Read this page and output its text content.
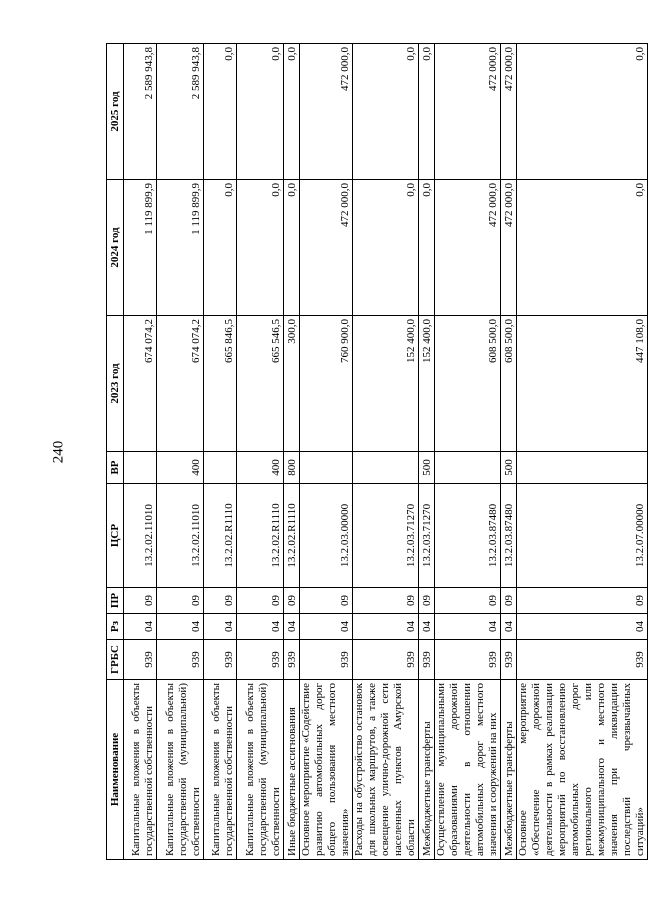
240
Наименование	ГРБС	Рз	ПР	ЦСР	ВР	2023 год	2024 год	2025 год
Капитальные вложения в объекты государственной собственности	939	04	09	13.2.02.11010		674 074,2	1 119 899,9	2 589 943,8
Капитальные вложения в объекты государственной (муниципальной) собственности	939	04	09	13.2.02.11010	400	674 074,2	1 119 899,9	2 589 943,8
Капитальные вложения в объекты государственной собственности	939	04	09	13.2.02.R1110		665 846,5	0,0	0,0
Капитальные вложения в объекты государственной (муниципальной) собственности	939	04	09	13.2.02.R1110	400	665 546,5	0,0	0,0
Иные бюджетные ассигнования	939	04	09	13.2.02.R1110	800	300,0	0,0	0,0
Основное мероприятие «Содействие развитию автомобильных дорог общего пользования местного значения»	939	04	09	13.2.03.00000		760 900,0	472 000,0	472 000,0
Расходы на обустройство остановок для школьных маршрутов, а также освещение улично-дорожной сети населенных пунктов Амурской области	939	04	09	13.2.03.71270		152 400,0	0,0	0,0
Межбюджетные трансферты	939	04	09	13.2.03.71270	500	152 400,0	0,0	0,0
Осуществление муниципальными образованиями дорожной деятельности в отношении автомобильных дорог местного значения и сооружений на них	939	04	09	13.2.03.87480		608 500,0	472 000,0	472 000,0
Межбюджетные трансферты	939	04	09	13.2.03.87480	500	608 500,0	472 000,0	472 000,0
Основное мероприятие «Обеспечение дорожной деятельности в рамках реализации мероприятий по восстановлению автомобильных дорог регионального или межмуниципального и местного значения при ликвидации последствий чрезвычайных ситуаций»	939	04	09	13.2.07.00000		447 108,0	0,0	0,0
